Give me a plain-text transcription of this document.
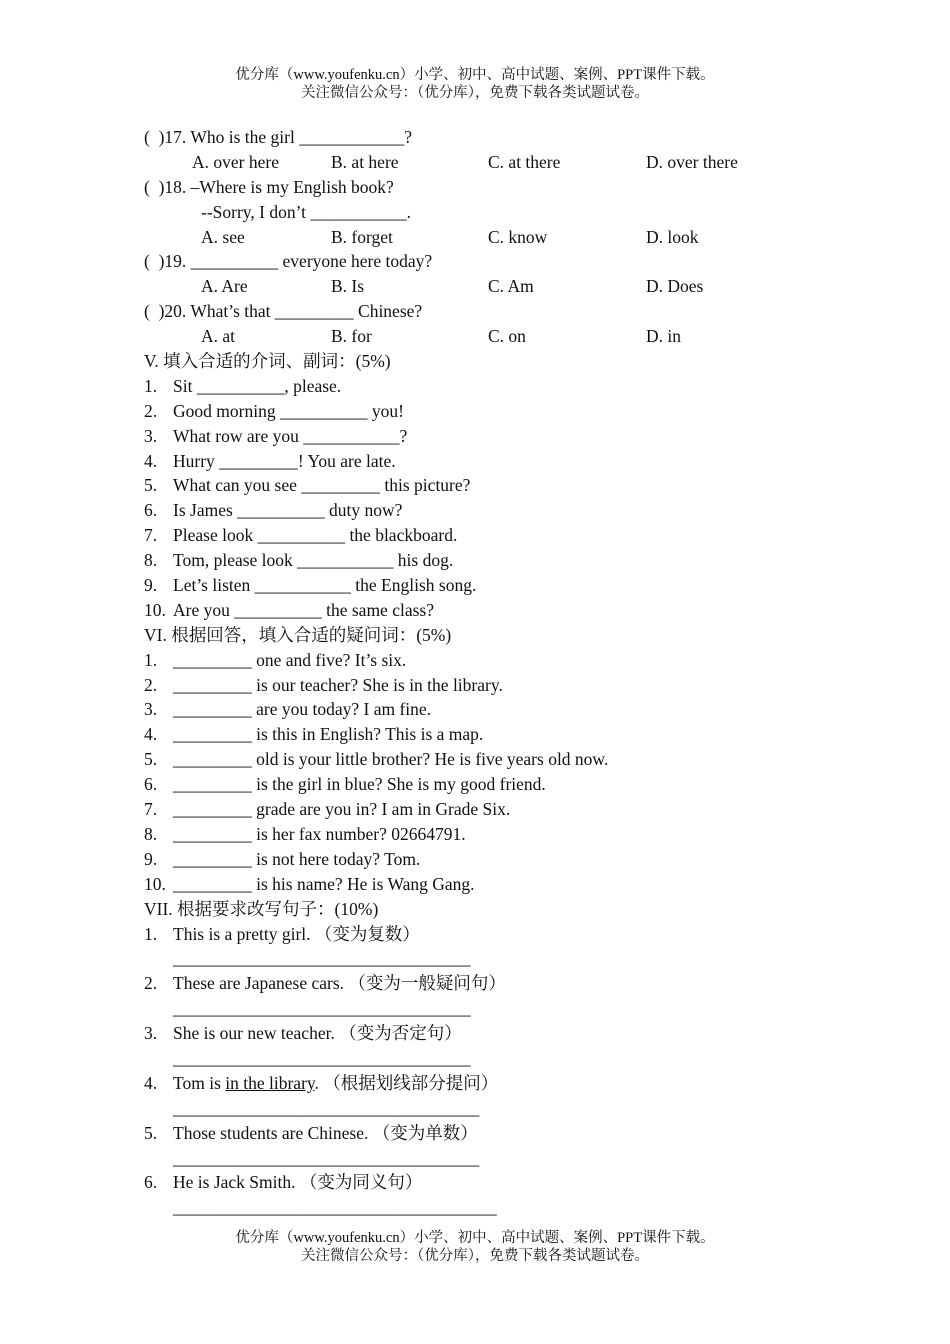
优分库（www.youfenku.cn）小学、初中、高中试题、案例、PPT课件下载。
关注微信公众号：（优分库），免费下载各类试题试卷。
(  )17. Who is the girl ____________?

A. over here

	B. at here

	C. at there

	D. over there

(  )18. –Where is my English book?
--Sorry, I don’t ___________.

A. see

	B. forget

	C. know

	D. look

(  )19. __________ everyone here today?

A. Are

	B. Is

	C. Am

	D. Does

(  )20. What’s that _________ Chinese?

A. at

	B. for

	C. on

	D. in

V. 填入合适的介词、副词：(5%)
1. Sit __________, please.
2. Good morning __________ you!
3. What row are you ___________?
4. Hurry _________! You are late.
5. What can you see _________ this picture?
6. Is James __________ duty now?
7. Please look __________ the blackboard.
8. Tom, please look ___________ his dog.
9. Let’s listen ___________ the English song.
10. Are you __________ the same class?
VI. 根据回答，填入合适的疑问词：(5%)
1. _________ one and five? It’s six.
2. _________ is our teacher? She is in the library.
3. _________ are you today? I am fine.
4. _________ is this in English? This is a map.
5. _________ old is your little brother? He is five years old now.
6. _________ is the girl in blue? She is my good friend.
7. _________ grade are you in? I am in Grade Six.
8. _________ is her fax number? 02664791.
9. _________ is not here today? Tom.
10. _________ is his name? He is Wang Gang.
VII. 根据要求改写句子：(10%)
1. This is a pretty girl. （变为复数）
__________________________________
2. These are Japanese cars. （变为一般疑问句）
__________________________________
3. She is our new teacher. （变为否定句）
__________________________________
4. Tom is in the library. （根据划线部分提问）
___________________________________
5. Those students are Chinese. （变为单数）
___________________________________
6. He is Jack Smith. （变为同义句）
_____________________________________
优分库（www.youfenku.cn）小学、初中、高中试题、案例、PPT课件下载。
关注微信公众号：（优分库），免费下载各类试题试卷。
